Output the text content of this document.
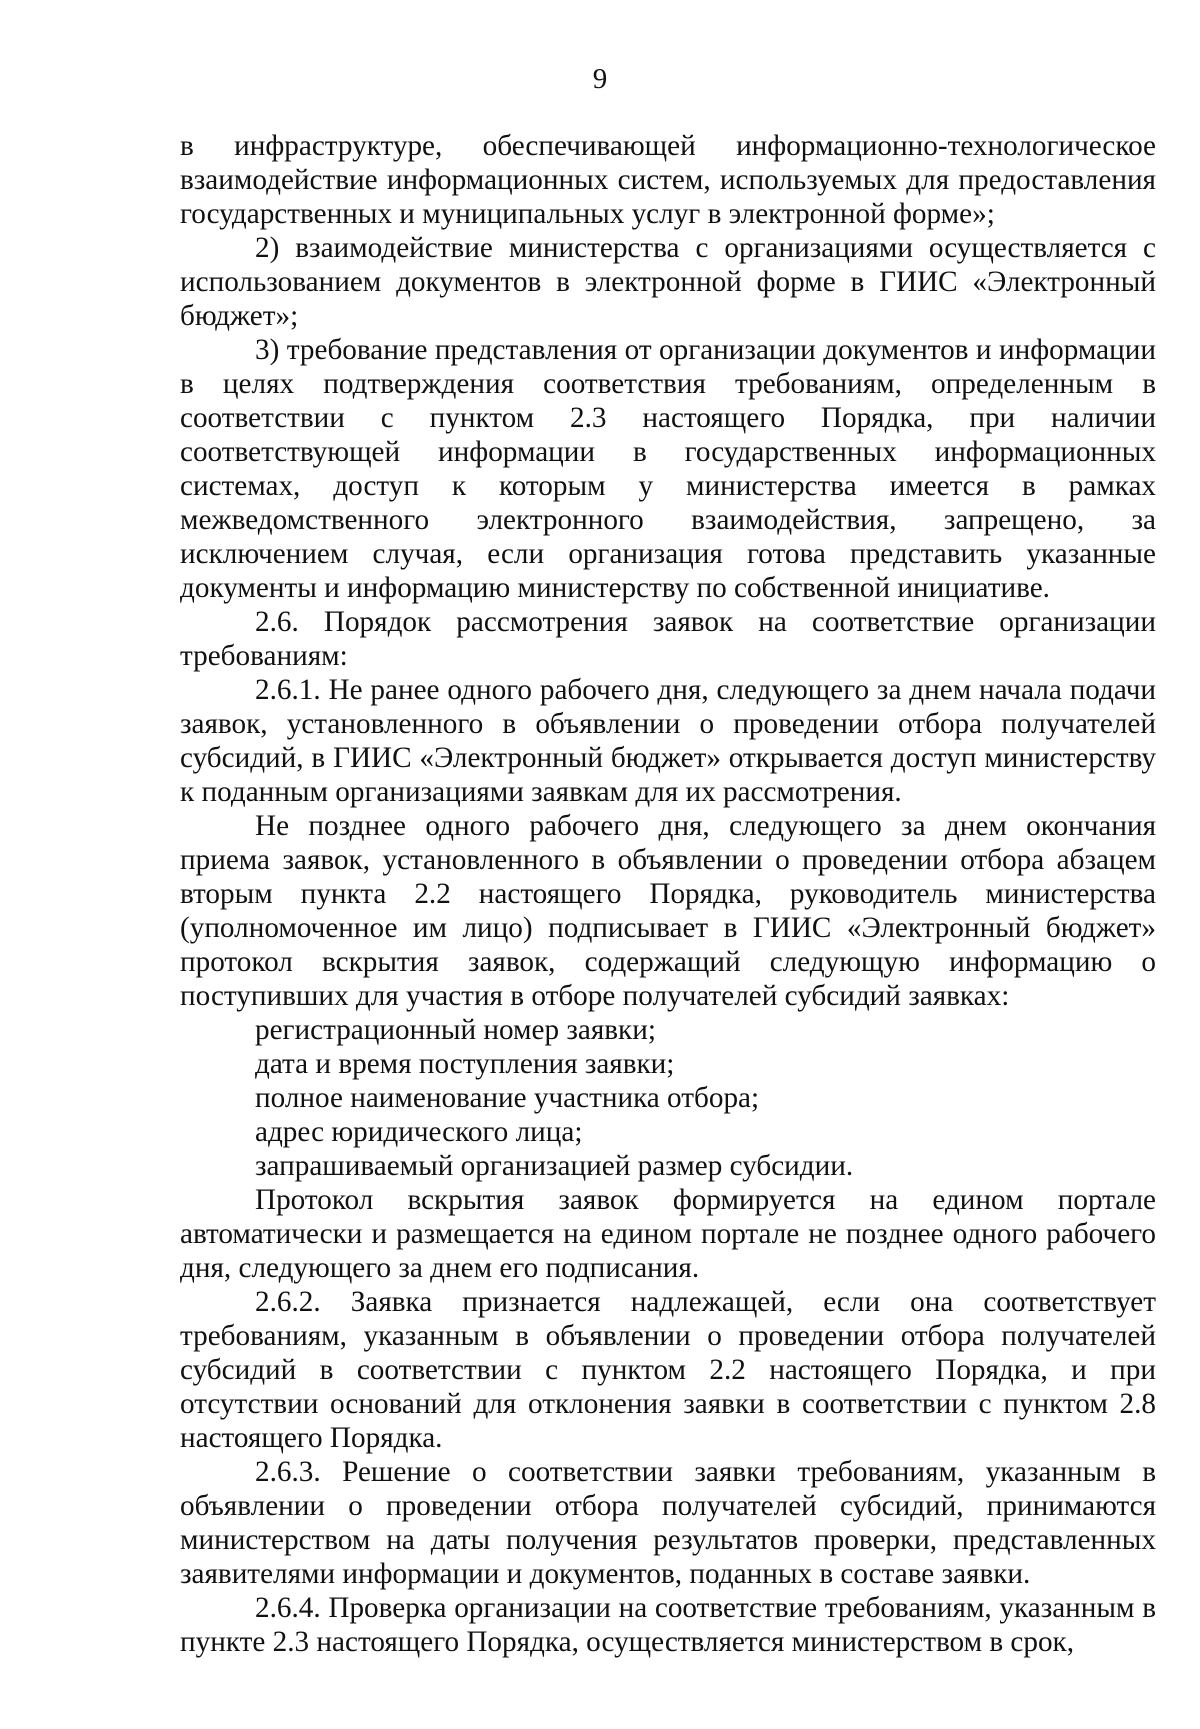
9

в инфраструктуре, обеспечивающей информационно-технологическое взаимодействие информационных систем, используемых для предоставления государственных и муниципальных услуг в электронной форме»;

2) взаимодействие министерства с организациями осуществляется с использованием документов в электронной форме в ГИИС «Электронный бюджет»;

3) требование представления от организации документов и информации в целях подтверждения соответствия требованиям, определенным в соответствии с пунктом 2.3 настоящего Порядка, при наличии соответствующей информации в государственных информационных системах, доступ к которым у министерства имеется в рамках межведомственного электронного взаимодействия, запрещено, за исключением случая, если организация готова представить указанные документы и информацию министерству по собственной инициативе.

2.6. Порядок рассмотрения заявок на соответствие организации требованиям:

2.6.1. Не ранее одного рабочего дня, следующего за днем начала подачи заявок, установленного в объявлении о проведении отбора получателей субсидий, в ГИИС «Электронный бюджет» открывается доступ министерству к поданным организациями заявкам для их рассмотрения.

Не позднее одного рабочего дня, следующего за днем окончания приема заявок, установленного в объявлении о проведении отбора абзацем вторым пункта 2.2 настоящего Порядка, руководитель министерства (уполномоченное им лицо) подписывает в ГИИС «Электронный бюджет» протокол вскрытия заявок, содержащий следующую информацию о поступивших для участия в отборе получателей субсидий заявках:

регистрационный номер заявки;

дата и время поступления заявки;

полное наименование участника отбора;

адрес юридического лица;

запрашиваемый организацией размер субсидии.

Протокол вскрытия заявок формируется на едином портале автоматически и размещается на едином портале не позднее одного рабочего дня, следующего за днем его подписания.

2.6.2. Заявка признается надлежащей, если она соответствует требованиям, указанным в объявлении о проведении отбора получателей субсидий в соответствии с пунктом 2.2 настоящего Порядка, и при отсутствии оснований для отклонения заявки в соответствии с пунктом 2.8 настоящего Порядка.

2.6.3. Решение о соответствии заявки требованиям, указанным в объявлении о проведении отбора получателей субсидий, принимаются министерством на даты получения результатов проверки, представленных заявителями информации и документов, поданных в составе заявки.

2.6.4. Проверка организации на соответствие требованиям, указанным в пункте 2.3 настоящего Порядка, осуществляется министерством в срок,
